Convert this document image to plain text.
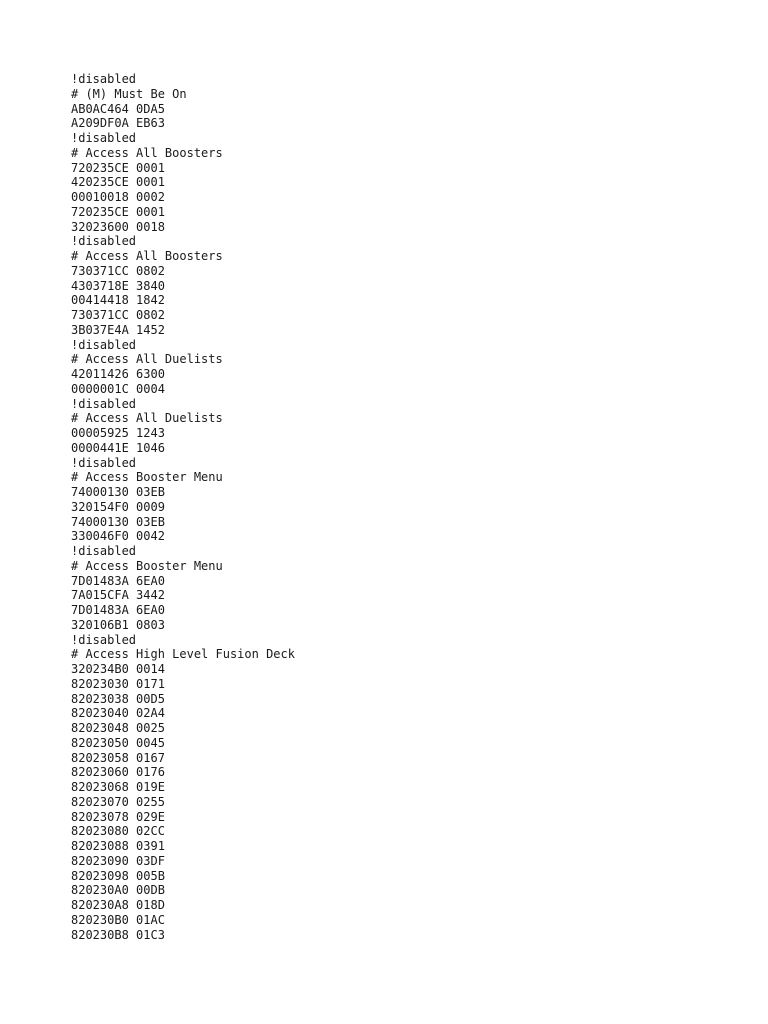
!disabled
# (M) Must Be On
AB0AC464 0DA5
A209DF0A EB63
!disabled
# Access All Boosters
720235CE 0001
420235CE 0001
00010018 0002
720235CE 0001
32023600 0018
!disabled
# Access All Boosters
730371CC 0802
4303718E 3840
00414418 1842
730371CC 0802
3B037E4A 1452
!disabled
# Access All Duelists
42011426 6300
0000001C 0004
!disabled
# Access All Duelists
00005925 1243
0000441E 1046
!disabled
# Access Booster Menu
74000130 03EB
320154F0 0009
74000130 03EB
330046F0 0042
!disabled
# Access Booster Menu
7D01483A 6EA0
7A015CFA 3442
7D01483A 6EA0
320106B1 0803
!disabled
# Access High Level Fusion Deck
320234B0 0014
82023030 0171
82023038 00D5
82023040 02A4
82023048 0025
82023050 0045
82023058 0167
82023060 0176
82023068 019E
82023070 0255
82023078 029E
82023080 02CC
82023088 0391
82023090 03DF
82023098 005B
820230A0 00DB
820230A8 018D
820230B0 01AC
820230B8 01C3
